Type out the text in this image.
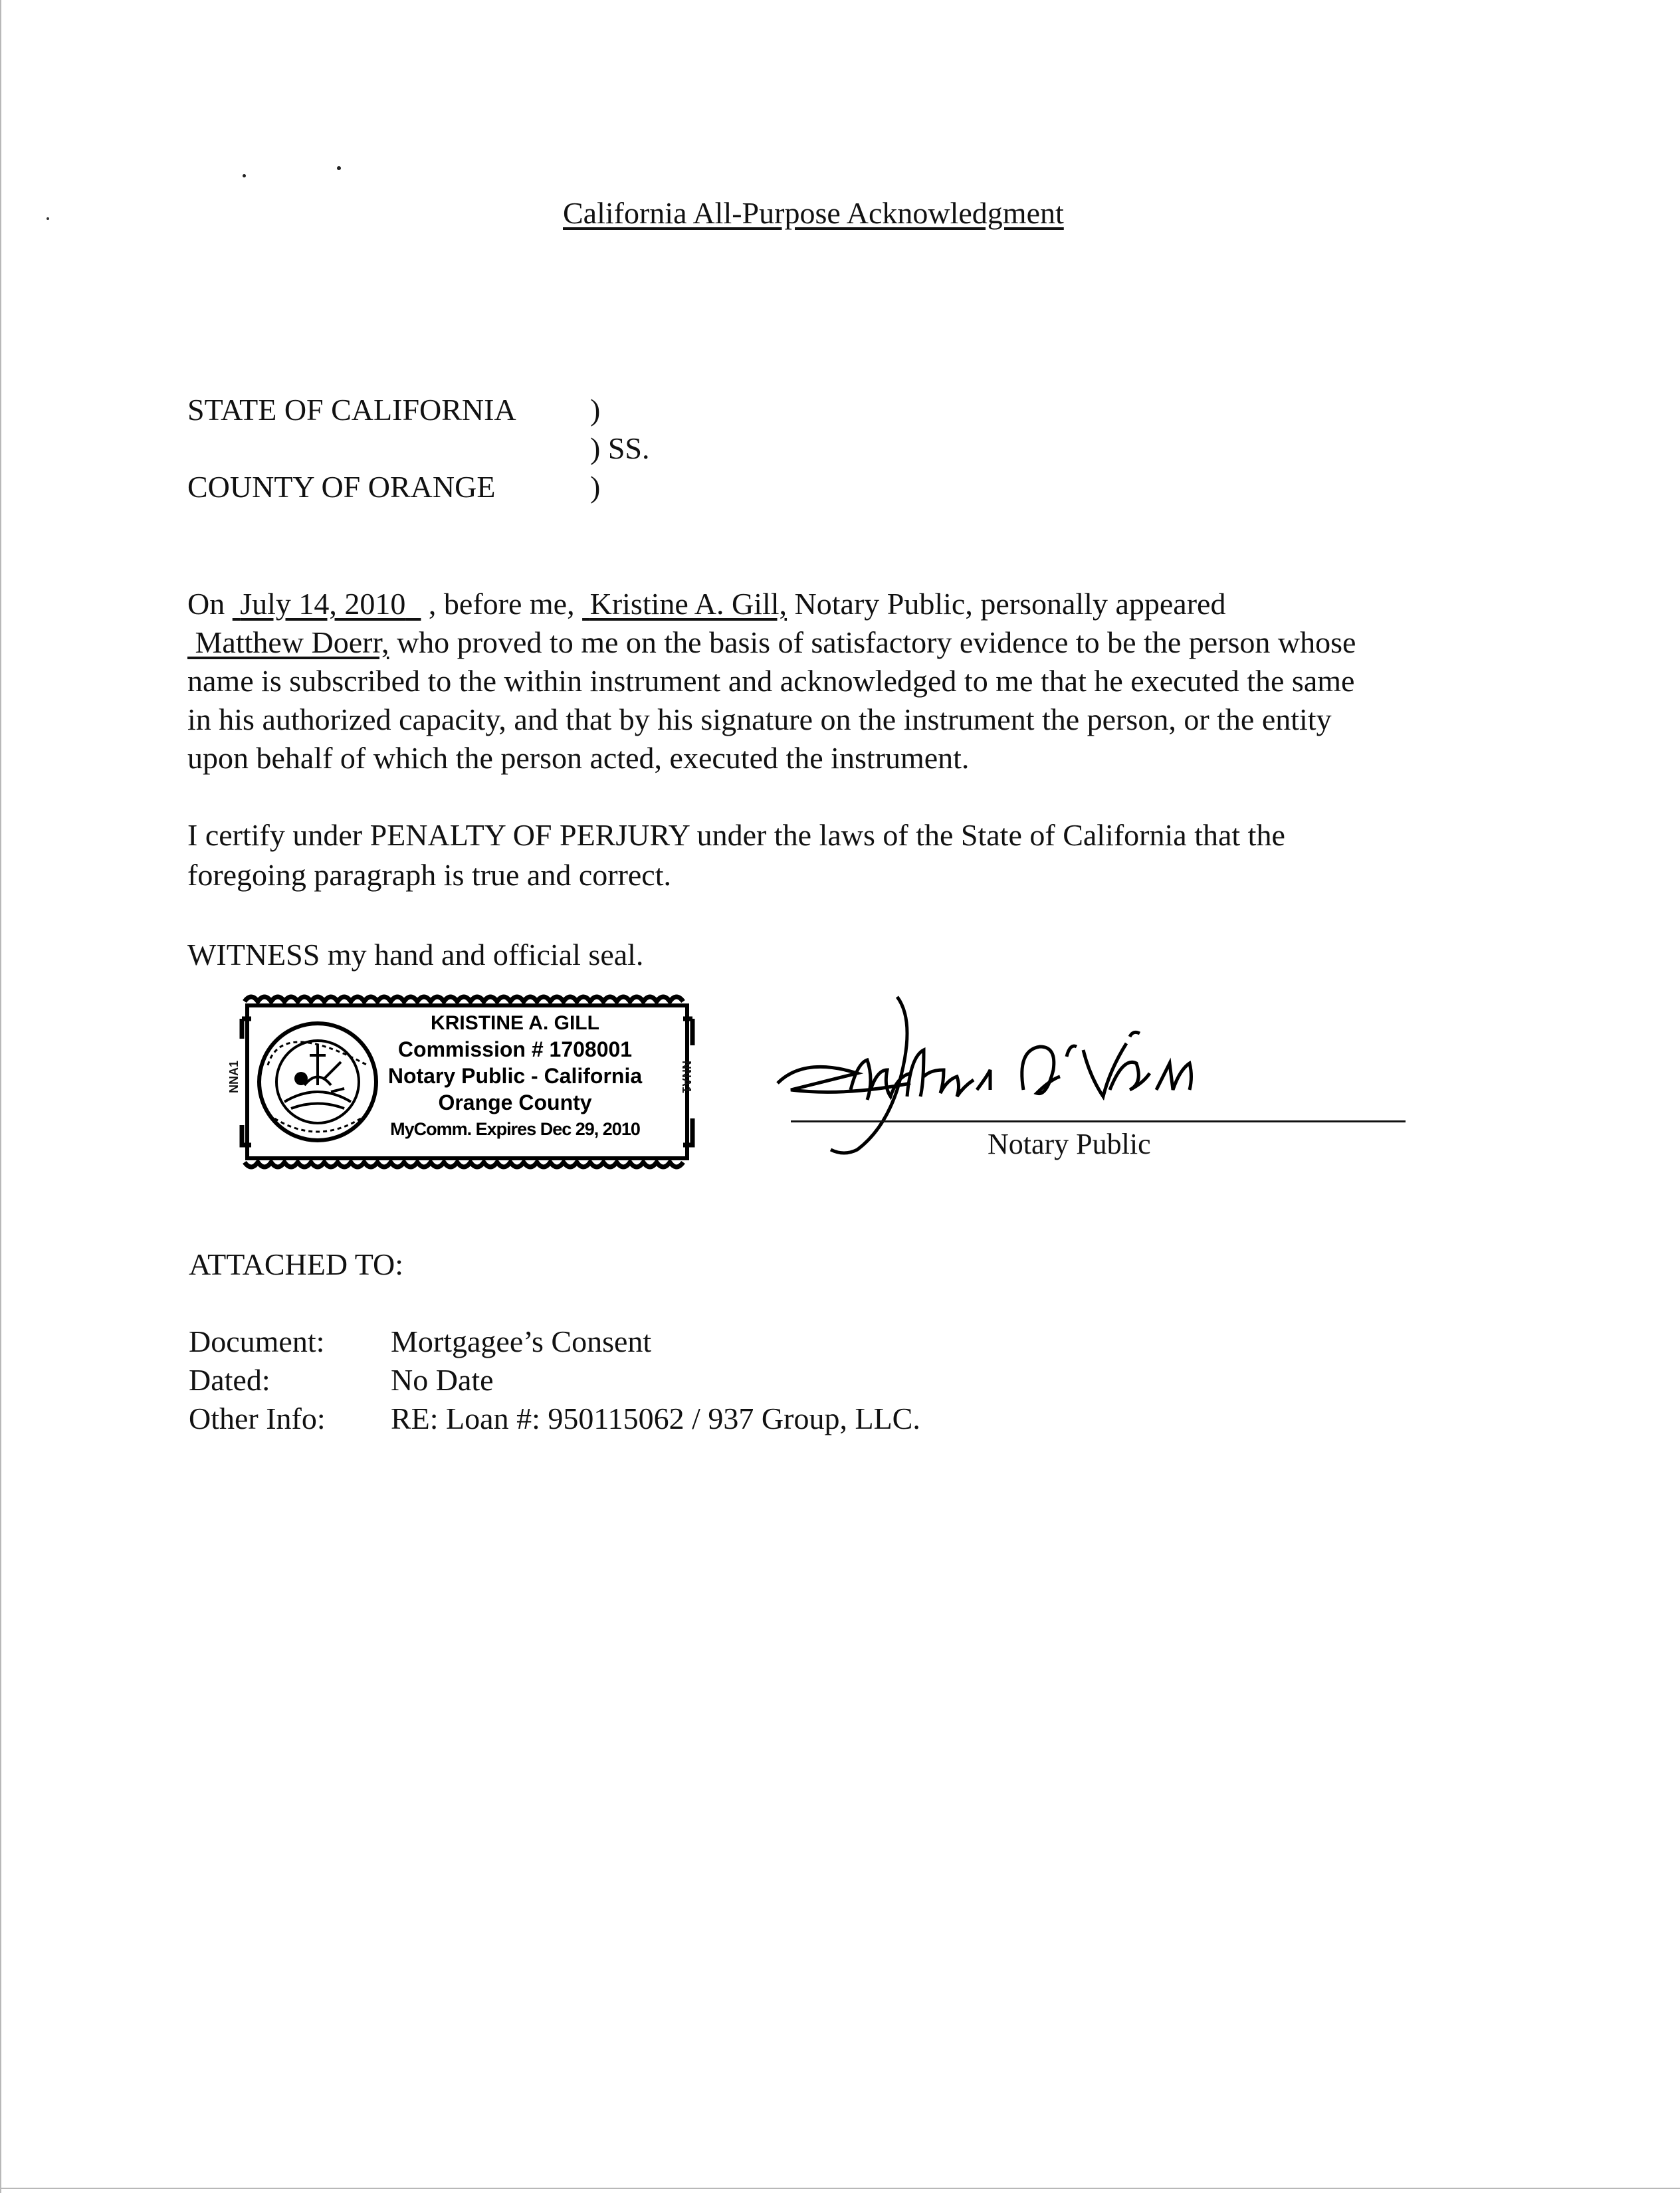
California All-Purpose Acknowledgment
STATE OF CALIFORNIA )
) SS.
COUNTY OF ORANGE	)
On July 14, 2010 , before me, Kristine A. Gill, Notary Public, personally appeared
Matthew Doerr, who proved to me on the basis of satisfactory evidence to be the person whose
name is subscribed to the within instrument and acknowledged to me that he executed the same
in his authorized capacity, and that by his signature on the instrument the person, or the entity
upon behalf of which the person acted, executed the instrument.
I certify under PENALTY OF PERJURY under the laws of the State of California that the
foregoing paragraph is true and correct.
WITNESS my hand and official seal.
NNA1	NNA1
KRISTINE A. GILL
Commission # 1708001
Notary Public - California
Orange County
MyComm. Expires Dec 29, 2010	Notary Public
ATTACHED TO:
Document: Mortgagee’s Consent
Dated:	No Date
Other Info: RE: Loan #: 950115062 / 937 Group, LLC.
